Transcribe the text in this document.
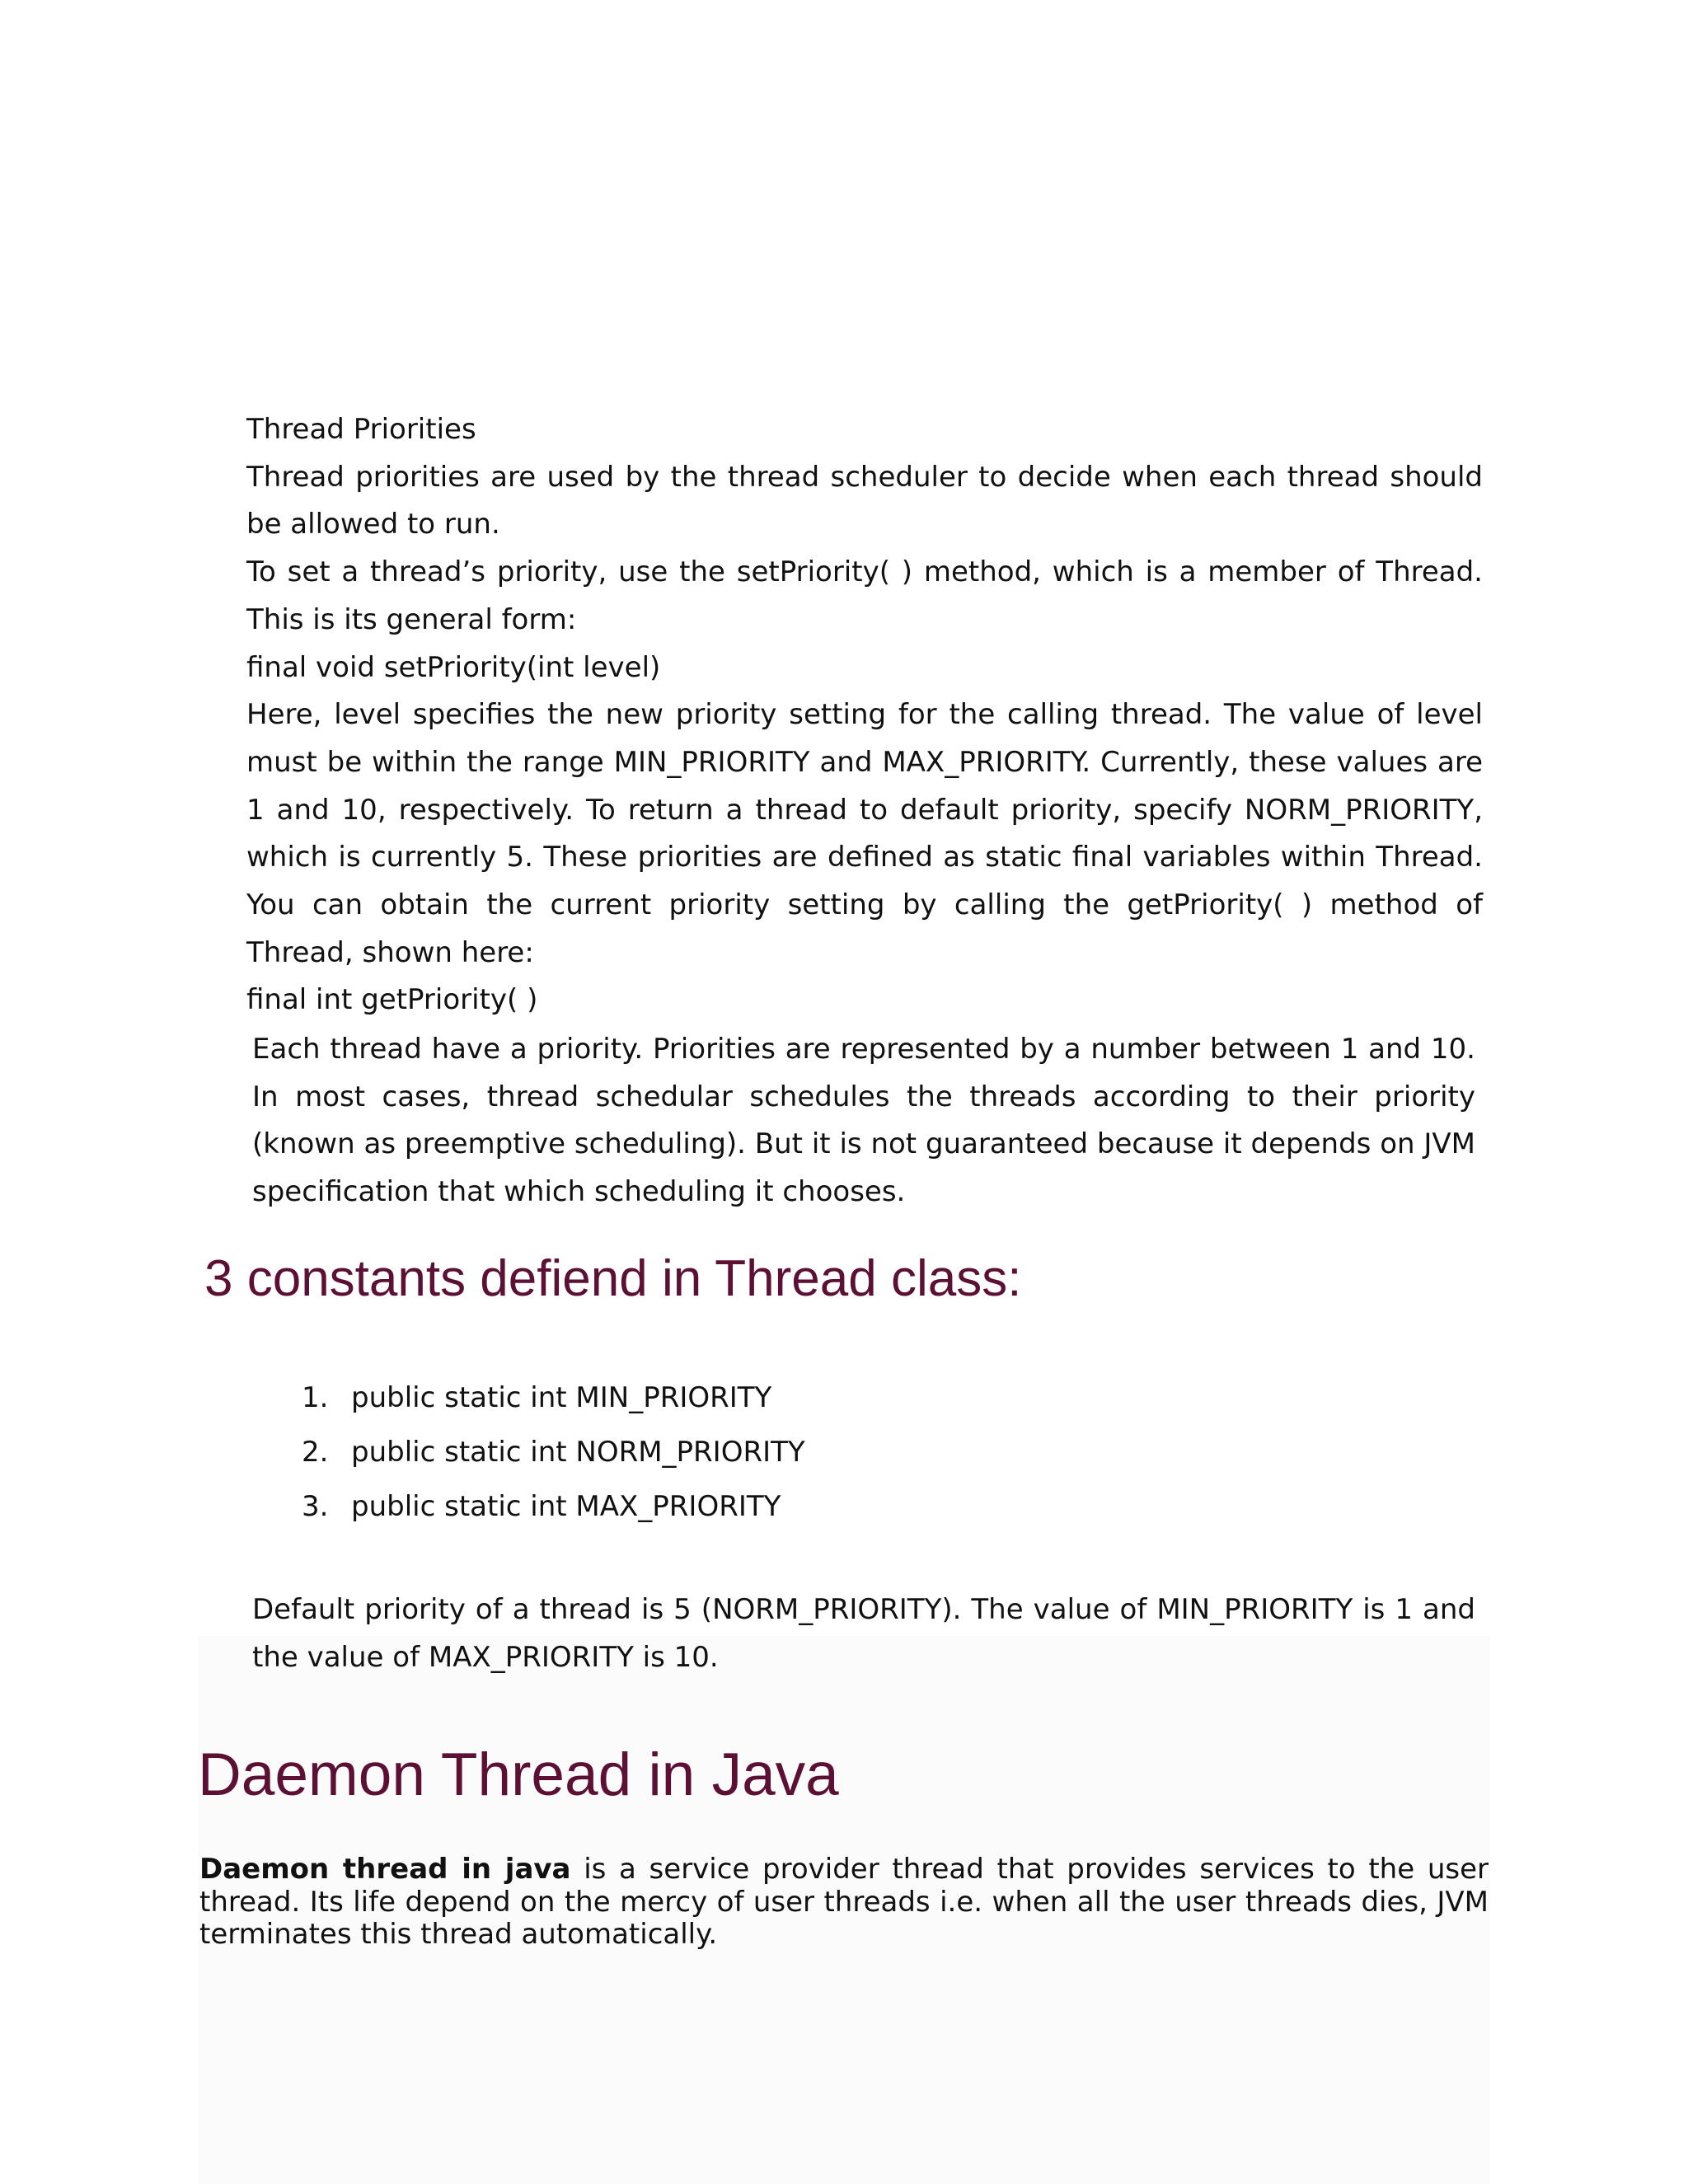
Thread Priorities

Thread priorities are used by the thread scheduler to decide when each thread should be allowed to run.

To set a thread’s priority, use the setPriority( ) method, which is a member of Thread. This is its general form:

final void setPriority(int level)

Here, level specifies the new priority setting for the calling thread. The value of level must be within the range MIN_PRIORITY and MAX_PRIORITY. Currently, these values are 1 and 10, respectively. To return a thread to default priority, specify NORM_PRIORITY, which is currently 5. These priorities are defined as static final variables within Thread. You can obtain the current priority setting by calling the getPriority( ) method of Thread, shown here:

final int getPriority( )

Each thread have a priority. Priorities are represented by a number between 1 and 10. In most cases, thread schedular schedules the threads according to their priority (known as preemptive scheduling). But it is not guaranteed because it depends on JVM specification that which scheduling it chooses.

3 constants defiend in Thread class:
1. public static int MIN_PRIORITY
2. public static int NORM_PRIORITY
3. public static int MAX_PRIORITY

Default priority of a thread is 5 (NORM_PRIORITY). The value of MIN_PRIORITY is 1 and the value of MAX_PRIORITY is 10.

Daemon Thread in Java

Daemon thread in java is a service provider thread that provides services to the user thread. Its life depend on the mercy of user threads i.e. when all the user threads dies, JVM terminates this thread automatically.
